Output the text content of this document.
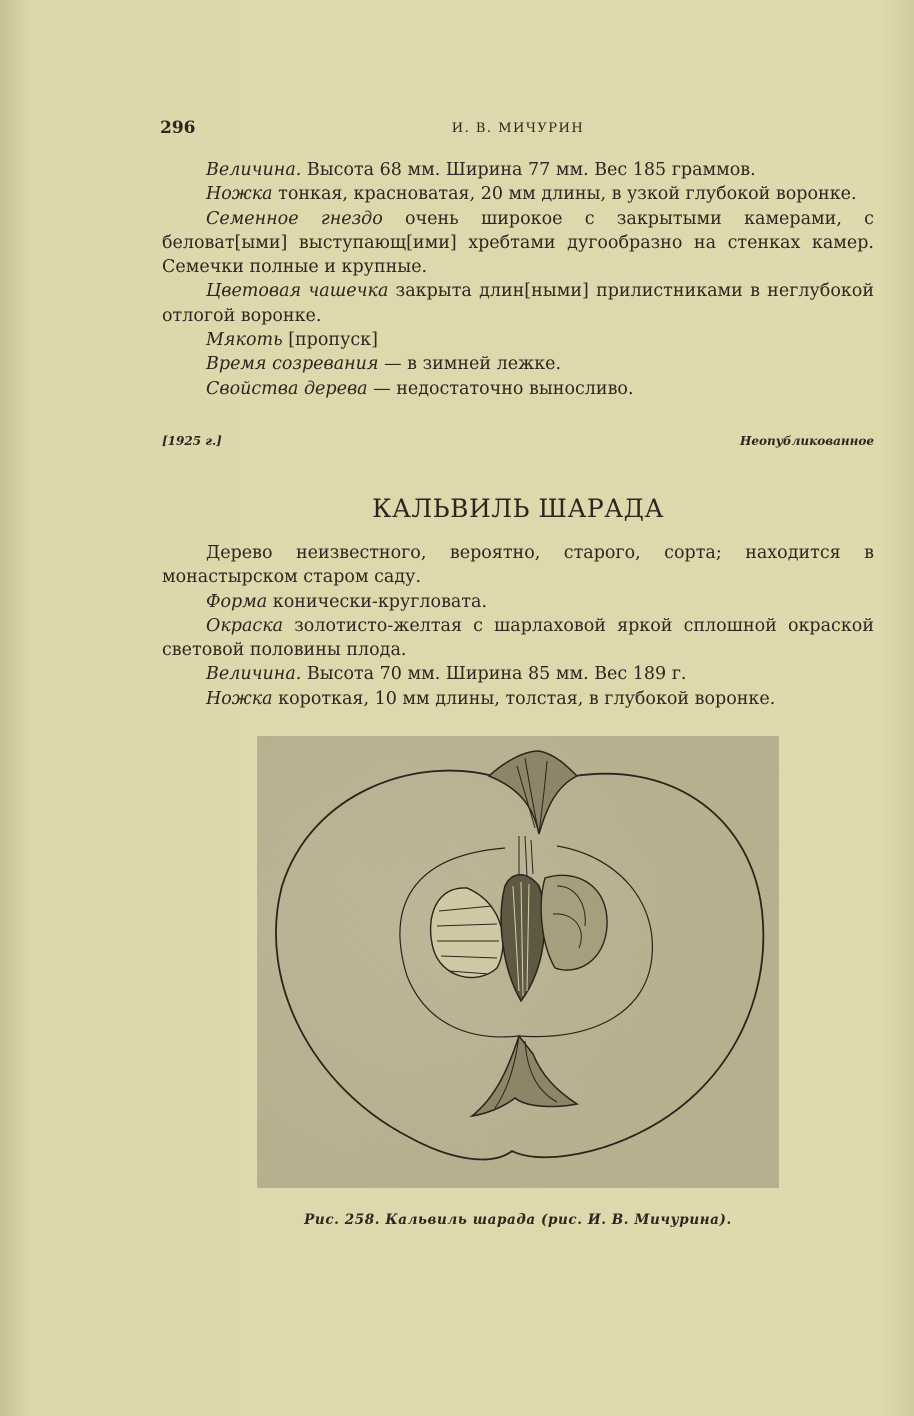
296	И. В. МИЧУРИН

Величина. Высота 68 мм. Ширина 77 мм. Вес 185 граммов.

Ножка тонкая, красноватая, 20 мм длины, в узкой глубокой воронке.

Семенное гнездо очень широкое с закрытыми камерами, с беловат[ыми] выступающ[ими] хребтами дугообразно на стенках камер. Семечки полные и крупные.

Цветовая чашечка закрыта длин[ными] прилистниками в неглубокой отлогой воронке.

Мякоть [пропуск]

Время созревания — в зимней лежке.

Свойства дерева — недостаточно выносливо.

[1925 г.]	Неопубликованное
КАЛЬВИЛЬ ШАРАДА

Дерево неизвестного, вероятно, старого, сорта; находится в монастырском старом саду.

Форма конически-кругловата.

Окраска золотисто-желтая с шарлаховой яркой сплошной окраской световой половины плода.

Величина. Высота 70 мм. Ширина 85 мм. Вес 189 г.

Ножка короткая, 10 мм длины, толстая, в глубокой воронке.

Рис. 258. Кальвиль шарада (рис. И. В. Мичурина).
